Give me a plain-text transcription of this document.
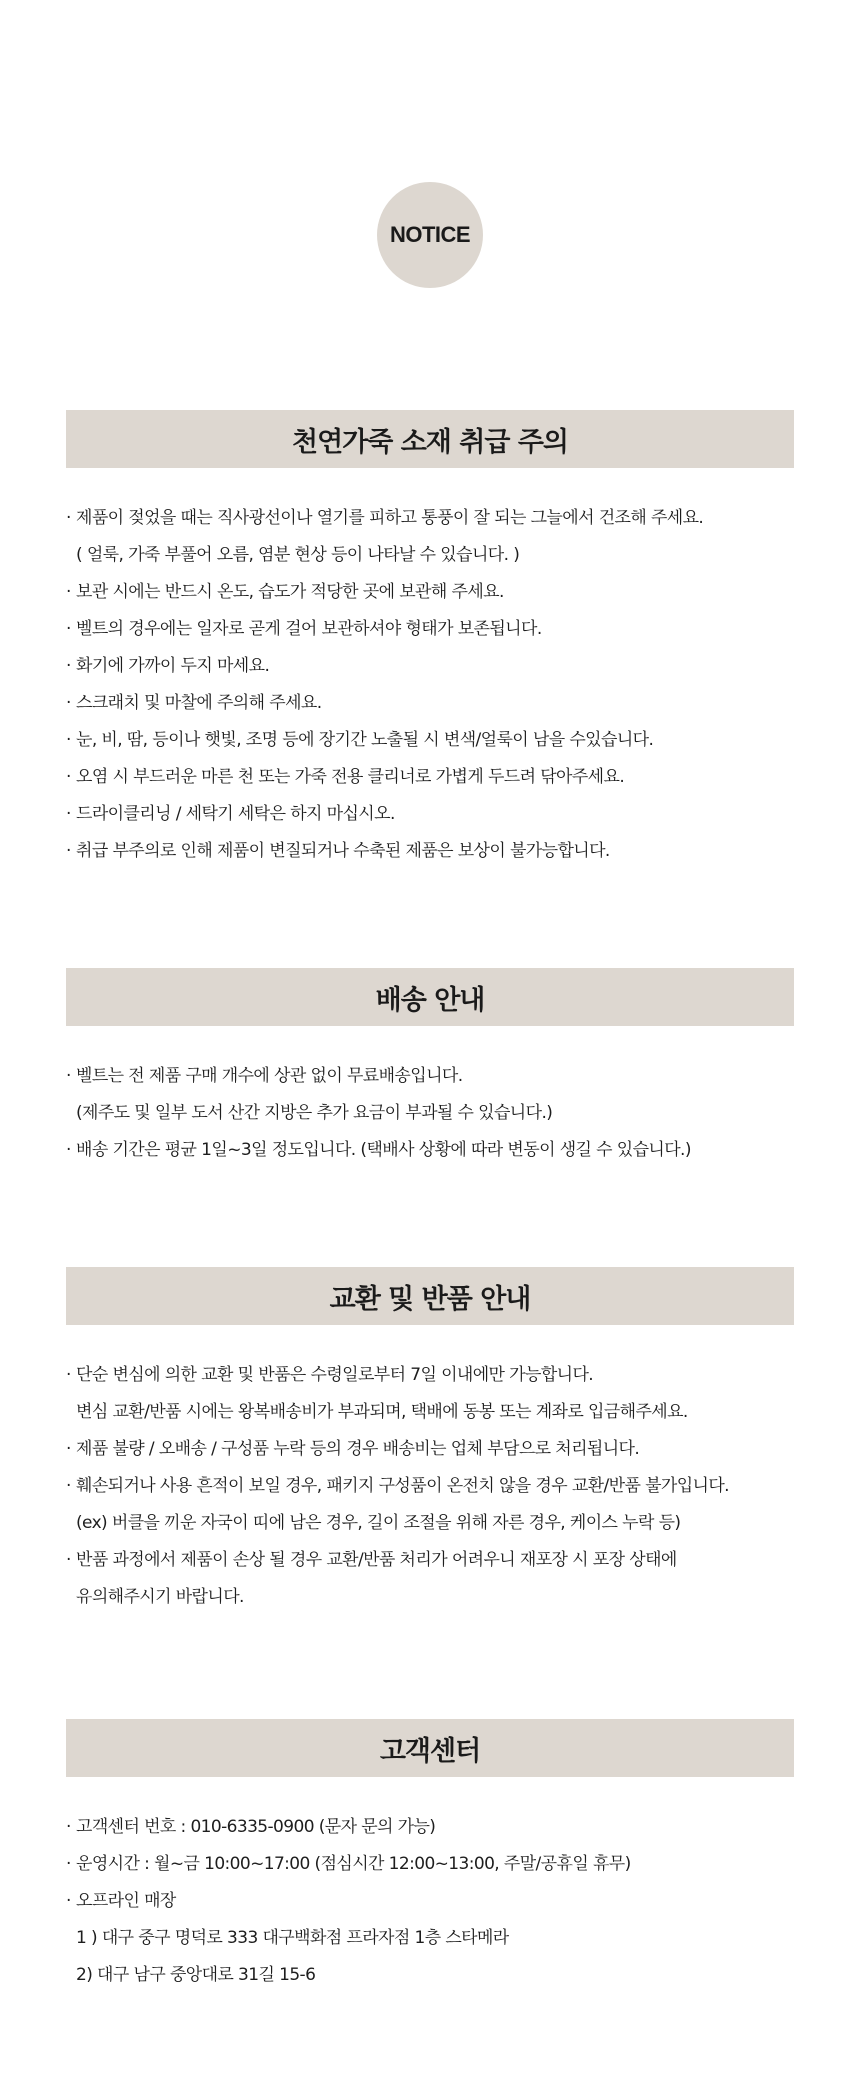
NOTICE
천연가죽 소재 취급 주의
· 제품이 젖었을 때는 직사광선이나 열기를 피하고 통풍이 잘 되는 그늘에서 건조해 주세요.
( 얼룩, 가죽 부풀어 오름, 염분 현상 등이 나타날 수 있습니다. )
· 보관 시에는 반드시 온도, 습도가 적당한 곳에 보관해 주세요.
· 벨트의 경우에는 일자로 곧게 걸어 보관하셔야 형태가 보존됩니다.
· 화기에 가까이 두지 마세요.
· 스크래치 및 마찰에 주의해 주세요.
· 눈, 비, 땀, 등이나 햇빛, 조명 등에 장기간 노출될 시 변색/얼룩이 남을 수있습니다.
· 오염 시 부드러운 마른 천 또는 가죽 전용 클리너로 가볍게 두드려 닦아주세요.
· 드라이클리닝 / 세탁기 세탁은 하지 마십시오.
· 취급 부주의로 인해 제품이 변질되거나 수축된 제품은 보상이 불가능합니다.
배송 안내
· 벨트는 전 제품 구매 개수에 상관 없이 무료배송입니다.
(제주도 및 일부 도서 산간 지방은 추가 요금이 부과될 수 있습니다.)
· 배송 기간은 평균 1일~3일 정도입니다. (택배사 상황에 따라 변동이 생길 수 있습니다.)
교환 및 반품 안내
· 단순 변심에 의한 교환 및 반품은 수령일로부터 7일 이내에만 가능합니다.
변심 교환/반품 시에는 왕복배송비가 부과되며, 택배에 동봉 또는 계좌로 입금해주세요.
· 제품 불량 / 오배송 / 구성품 누락 등의 경우 배송비는 업체 부담으로 처리됩니다.
· 훼손되거나 사용 흔적이 보일 경우, 패키지 구성품이 온전치 않을 경우 교환/반품 불가입니다.
(ex) 버클을 끼운 자국이 띠에 남은 경우, 길이 조절을 위해 자른 경우, 케이스 누락 등)
· 반품 과정에서 제품이 손상 될 경우 교환/반품 처리가 어려우니 재포장 시 포장 상태에
유의해주시기 바랍니다.
고객센터
· 고객센터 번호 : 010-6335-0900 (문자 문의 가능)
· 운영시간 : 월~금 10:00~17:00 (점심시간 12:00~13:00, 주말/공휴일 휴무)
· 오프라인 매장
1 ) 대구 중구 명덕로 333 대구백화점 프라자점 1층 스타메라
2) 대구 남구 중앙대로 31길 15-6
